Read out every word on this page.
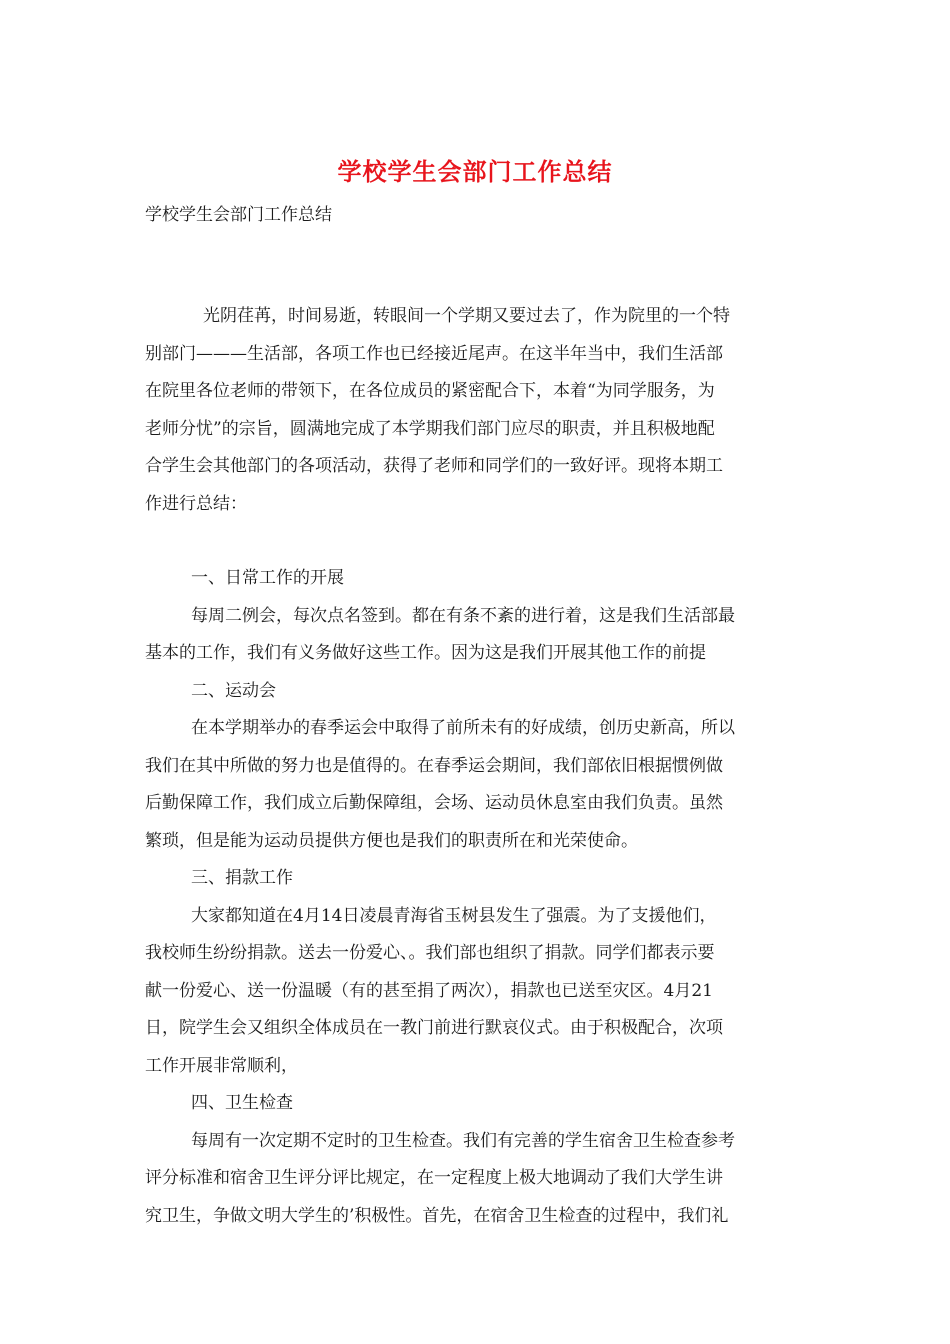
学校学生会部门工作总结
学校学生会部门工作总结

光阴荏苒，时间易逝，转眼间一个学期又要过去了，作为院里的一个特
别部门———生活部，各项工作也已经接近尾声。在这半年当中，我们生活部
在院里各位老师的带领下，在各位成员的紧密配合下，本着“为同学服务，为
老师分忧”的宗旨，圆满地完成了本学期我们部门应尽的职责，并且积极地配
合学生会其他部门的各项活动，获得了老师和同学们的一致好评。现将本期工
作进行总结：

一、日常工作的开展

每周二例会，每次点名签到。都在有条不紊的进行着，这是我们生活部最
基本的工作，我们有义务做好这些工作。因为这是我们开展其他工作的前提

二、运动会

在本学期举办的春季运会中取得了前所未有的好成绩，创历史新高，所以
我们在其中所做的努力也是值得的。在春季运会期间，我们部依旧根据惯例做
后勤保障工作，我们成立后勤保障组，会场、运动员休息室由我们负责。虽然
繁琐，但是能为运动员提供方便也是我们的职责所在和光荣使命。

三、捐款工作

大家都知道在4月14日凌晨青海省玉树县发生了强震。为了支援他们，
我校师生纷纷捐款。送去一份爱心、。我们部也组织了捐款。同学们都表示要
献一份爱心、送一份温暖（有的甚至捐了两次），捐款也已送至灾区。4月21
日，院学生会又组织全体成员在一教门前进行默哀仪式。由于积极配合，次项
工作开展非常顺利，

四、卫生检查

每周有一次定期不定时的卫生检查。我们有完善的学生宿舍卫生检查参考
评分标准和宿舍卫生评分评比规定，在一定程度上极大地调动了我们大学生讲
究卫生，争做文明大学生的’积极性。首先，在宿舍卫生检查的过程中，我们礼
